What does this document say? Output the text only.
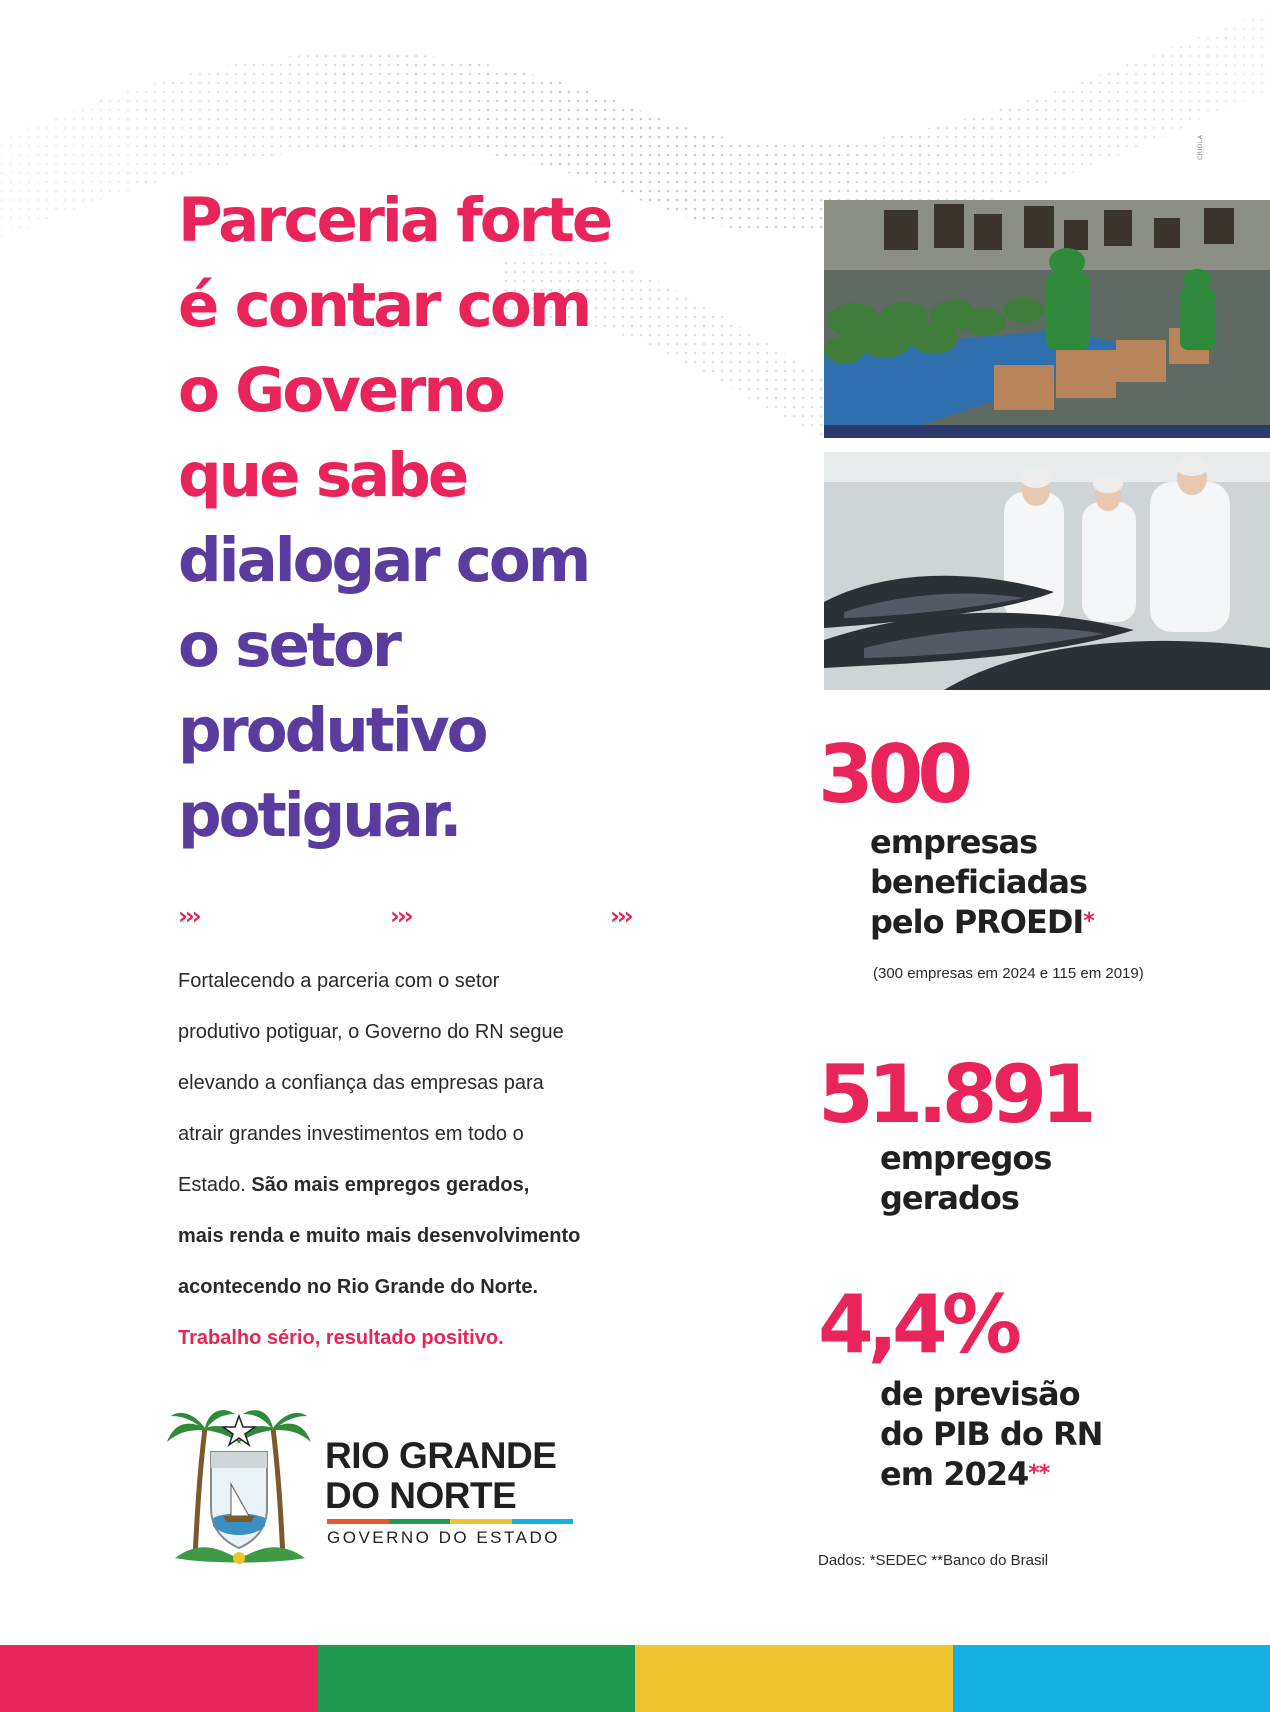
CRIOLA
Parceria forte
é contar com
o Governo
que sabe
dialogar com
o setor
produtivo
potiguar.
›››	›››	›››
Fortalecendo a parceria com o setor
produtivo potiguar, o Governo do RN segue
elevando a confiança das empresas para
atrair grandes investimentos em todo o
Estado. São mais empregos gerados,
mais renda e muito mais desenvolvimento
acontecendo no Rio Grande do Norte.
Trabalho sério, resultado positivo.
RIO GRANDE
DO NORTE
GOVERNO DO ESTADO
300
empresas
beneficiadas
pelo PROEDI*
(300 empresas em 2024 e 115 em 2019)
51.891
empregos
gerados
4,4%
de previsão
do PIB do RN
em 2024**
Dados: *SEDEC **Banco do Brasil
